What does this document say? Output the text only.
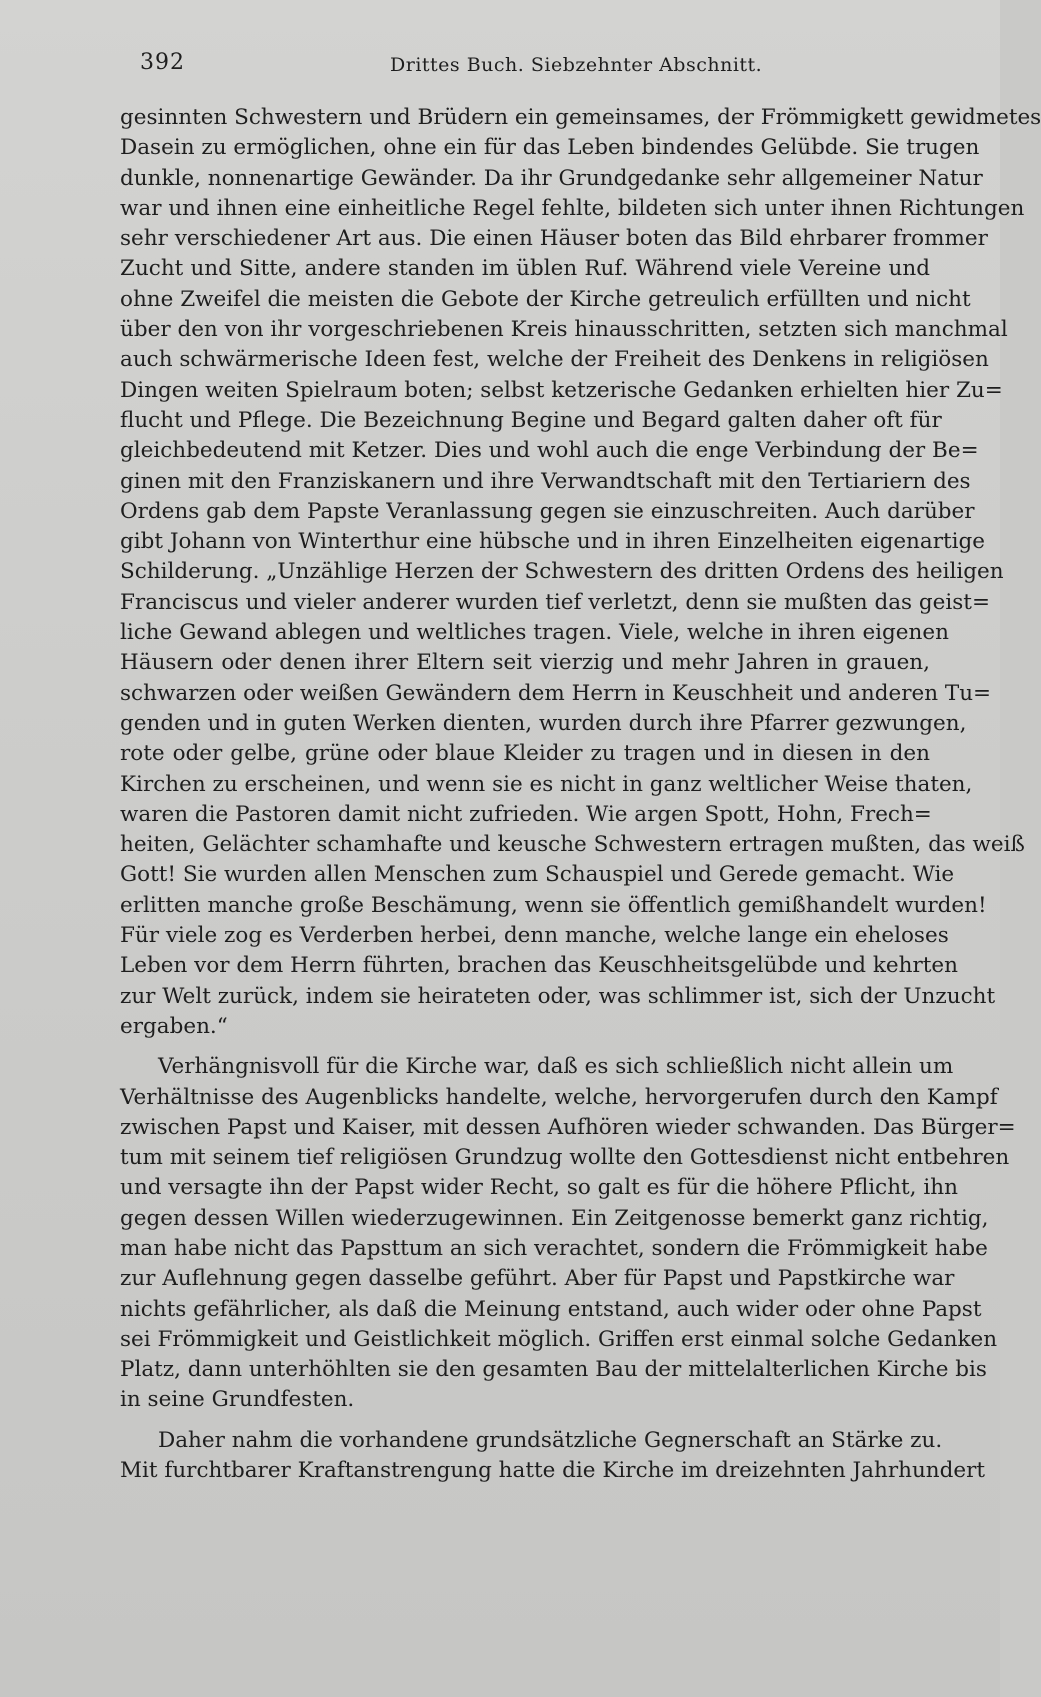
392	Drittes Buch. Siebzehnter Abschnitt.
gesinnten Schwestern und Brüdern ein gemeinsames, der Frömmigkett gewidmetes
Dasein zu ermöglichen, ohne ein für das Leben bindendes Gelübde. Sie trugen
dunkle, nonnenartige Gewänder. Da ihr Grundgedanke sehr allgemeiner Natur
war und ihnen eine einheitliche Regel fehlte, bildeten sich unter ihnen Richtungen
sehr verschiedener Art aus. Die einen Häuser boten das Bild ehrbarer frommer
Zucht und Sitte, andere standen im üblen Ruf. Während viele Vereine und
ohne Zweifel die meisten die Gebote der Kirche getreulich erfüllten und nicht
über den von ihr vorgeschriebenen Kreis hinausschritten, setzten sich manchmal
auch schwärmerische Ideen fest, welche der Freiheit des Denkens in religiösen
Dingen weiten Spielraum boten; selbst ketzerische Gedanken erhielten hier Zu=
flucht und Pflege. Die Bezeichnung Begine und Begard galten daher oft für
gleichbedeutend mit Ketzer. Dies und wohl auch die enge Verbindung der Be=
ginen mit den Franziskanern und ihre Verwandtschaft mit den Tertiariern des
Ordens gab dem Papste Veranlassung gegen sie einzuschreiten. Auch darüber
gibt Johann von Winterthur eine hübsche und in ihren Einzelheiten eigenartige
Schilderung. „Unzählige Herzen der Schwestern des dritten Ordens des heiligen
Franciscus und vieler anderer wurden tief verletzt, denn sie mußten das geist=
liche Gewand ablegen und weltliches tragen. Viele, welche in ihren eigenen
Häusern oder denen ihrer Eltern seit vierzig und mehr Jahren in grauen,
schwarzen oder weißen Gewändern dem Herrn in Keuschheit und anderen Tu=
genden und in guten Werken dienten, wurden durch ihre Pfarrer gezwungen,
rote oder gelbe, grüne oder blaue Kleider zu tragen und in diesen in den
Kirchen zu erscheinen, und wenn sie es nicht in ganz weltlicher Weise thaten,
waren die Pastoren damit nicht zufrieden. Wie argen Spott, Hohn, Frech=
heiten, Gelächter schamhafte und keusche Schwestern ertragen mußten, das weiß
Gott! Sie wurden allen Menschen zum Schauspiel und Gerede gemacht. Wie
erlitten manche große Beschämung, wenn sie öffentlich gemißhandelt wurden!
Für viele zog es Verderben herbei, denn manche, welche lange ein eheloses
Leben vor dem Herrn führten, brachen das Keuschheitsgelübde und kehrten
zur Welt zurück, indem sie heirateten oder, was schlimmer ist, sich der Unzucht
ergaben.“
Verhängnisvoll für die Kirche war, daß es sich schließlich nicht allein um
Verhältnisse des Augenblicks handelte, welche, hervorgerufen durch den Kampf
zwischen Papst und Kaiser, mit dessen Aufhören wieder schwanden. Das Bürger=
tum mit seinem tief religiösen Grundzug wollte den Gottesdienst nicht entbehren
und versagte ihn der Papst wider Recht, so galt es für die höhere Pflicht, ihn
gegen dessen Willen wiederzugewinnen. Ein Zeitgenosse bemerkt ganz richtig,
man habe nicht das Papsttum an sich verachtet, sondern die Frömmigkeit habe
zur Auflehnung gegen dasselbe geführt. Aber für Papst und Papstkirche war
nichts gefährlicher, als daß die Meinung entstand, auch wider oder ohne Papst
sei Frömmigkeit und Geistlichkeit möglich. Griffen erst einmal solche Gedanken
Platz, dann unterhöhlten sie den gesamten Bau der mittelalterlichen Kirche bis
in seine Grundfesten.
Daher nahm die vorhandene grundsätzliche Gegnerschaft an Stärke zu.
Mit furchtbarer Kraftanstrengung hatte die Kirche im dreizehnten Jahrhundert
